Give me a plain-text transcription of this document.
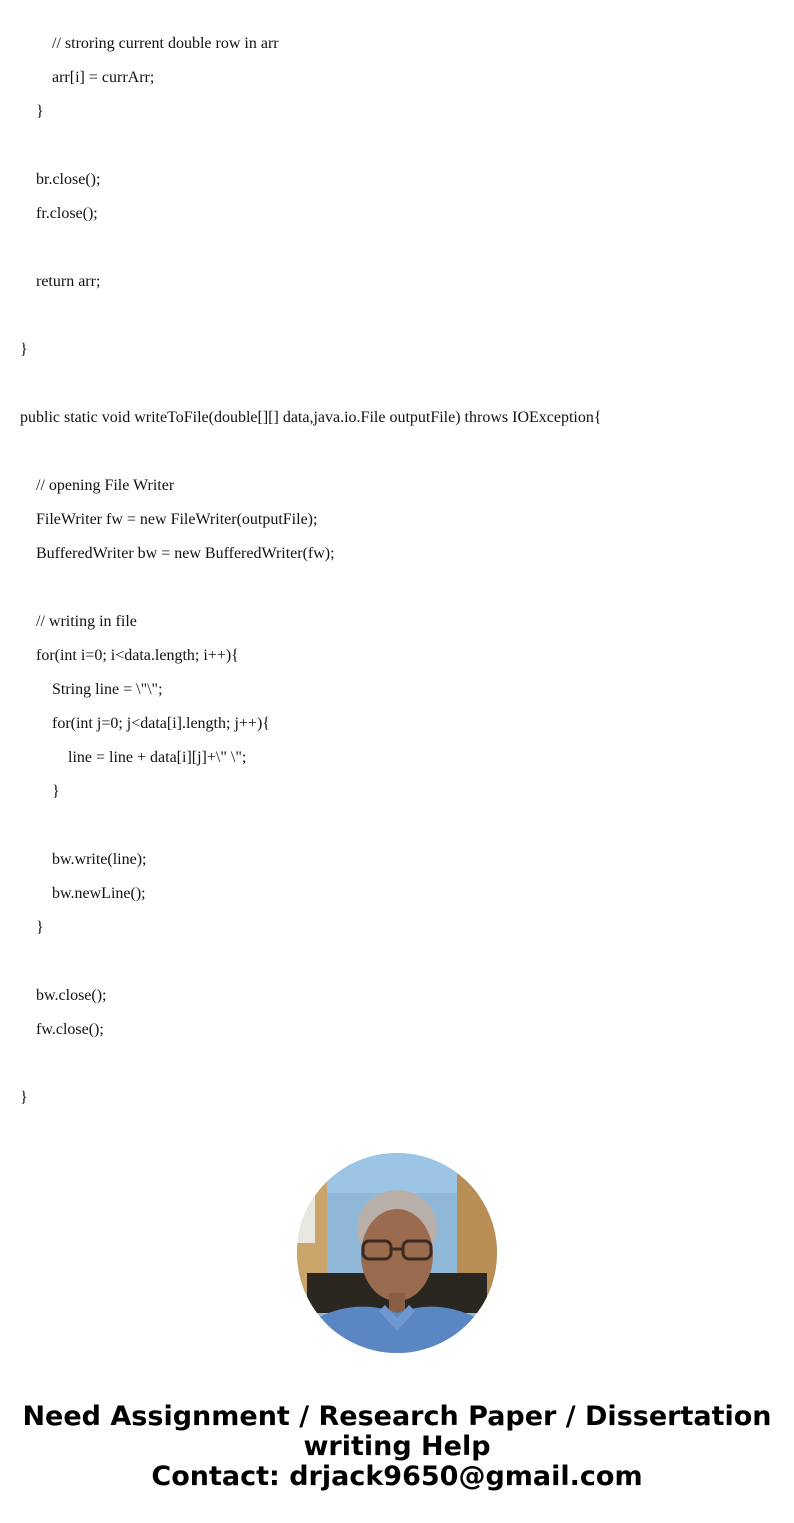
// stroring current double row in arr
arr[i] = currArr;
}
br.close();
fr.close();
return arr;
}
public static void writeToFile(double[][] data,java.io.File outputFile) throws IOException{
// opening File Writer
FileWriter fw = new FileWriter(outputFile);
BufferedWriter bw = new BufferedWriter(fw);
// writing in file
for(int i=0; i<data.length; i++){
String line = \"\";
for(int j=0; j<data[i].length; j++){
line = line + data[i][j]+\" \";
}
bw.write(line);
bw.newLine();
}
bw.close();
fw.close();
}
Need Assignment / Research Paper / Dissertation writing Help
Contact: drjack9650@gmail.com
